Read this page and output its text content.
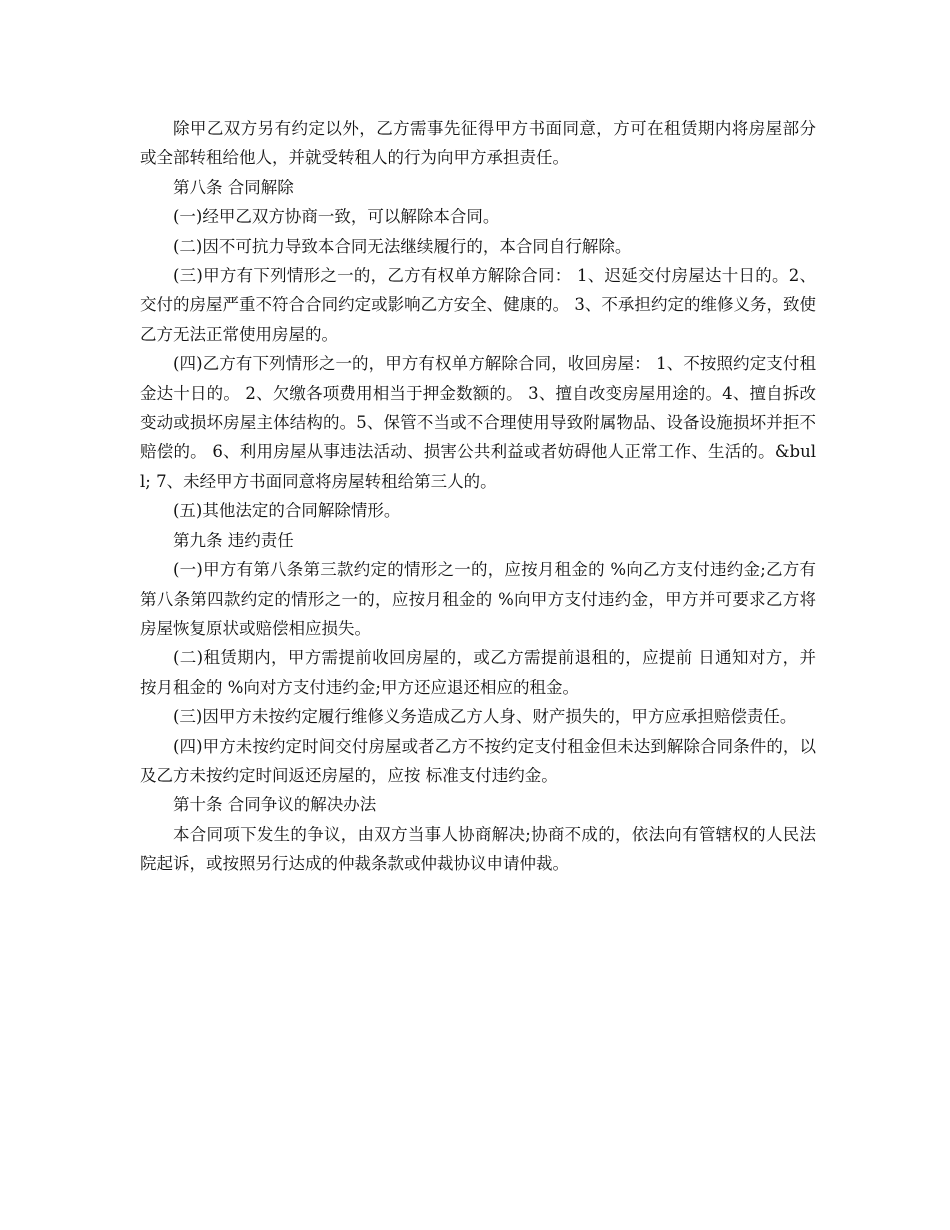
除甲乙双方另有约定以外，乙方需事先征得甲方书面同意，方可在租赁期内将房屋部分或全部转租给他人，并就受转租人的行为向甲方承担责任。

第八条 合同解除

(一)经甲乙双方协商一致，可以解除本合同。

(二)因不可抗力导致本合同无法继续履行的，本合同自行解除。

(三)甲方有下列情形之一的，乙方有权单方解除合同： 1、迟延交付房屋达十日的。2、交付的房屋严重不符合合同约定或影响乙方安全、健康的。 3、不承担约定的维修义务，致使乙方无法正常使用房屋的。

(四)乙方有下列情形之一的，甲方有权单方解除合同，收回房屋： 1、不按照约定支付租金达十日的。 2、欠缴各项费用相当于押金数额的。 3、擅自改变房屋用途的。4、擅自拆改变动或损坏房屋主体结构的。5、保管不当或不合理使用导致附属物品、设备设施损坏并拒不赔偿的。 6、利用房屋从事违法活动、损害公共利益或者妨碍他人正常工作、生活的。&bull; 7、未经甲方书面同意将房屋转租给第三人的。

(五)其他法定的合同解除情形。

第九条 违约责任

(一)甲方有第八条第三款约定的情形之一的，应按月租金的 %向乙方支付违约金;乙方有第八条第四款约定的情形之一的，应按月租金的 %向甲方支付违约金，甲方并可要求乙方将房屋恢复原状或赔偿相应损失。

(二)租赁期内，甲方需提前收回房屋的，或乙方需提前退租的，应提前 日通知对方，并按月租金的 %向对方支付违约金;甲方还应退还相应的租金。

(三)因甲方未按约定履行维修义务造成乙方人身、财产损失的，甲方应承担赔偿责任。

(四)甲方未按约定时间交付房屋或者乙方不按约定支付租金但未达到解除合同条件的，以及乙方未按约定时间返还房屋的，应按 标准支付违约金。

第十条 合同争议的解决办法

本合同项下发生的争议，由双方当事人协商解决;协商不成的，依法向有管辖权的人民法院起诉，或按照另行达成的仲裁条款或仲裁协议申请仲裁。
